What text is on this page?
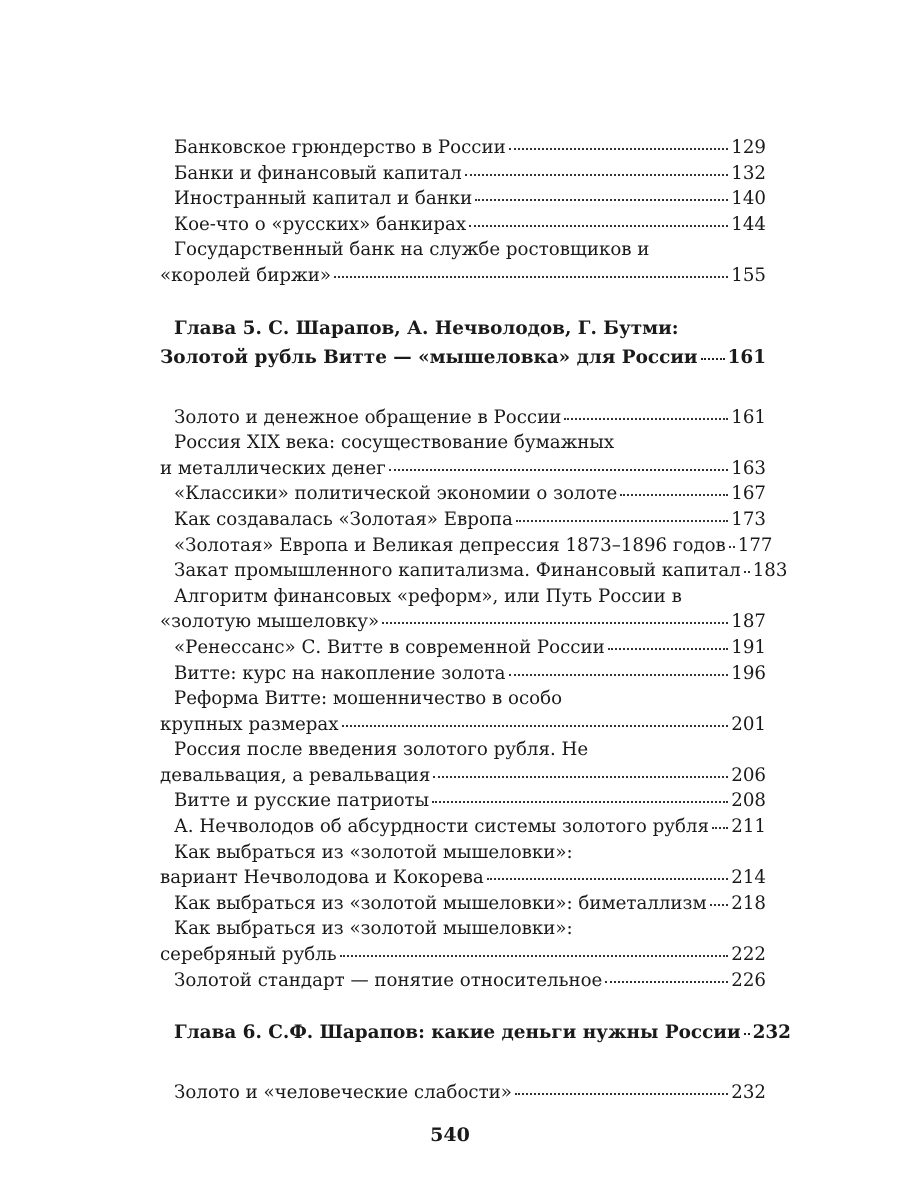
Банковское грюндерство в России	129
Банки и финансовый капитал	132
Иностранный капитал и банки	140
Кое-что о «русских» банкирах	144
Государственный банк на службе ростовщиков и
«королей биржи»	155
Глава 5. С. Шарапов, А. Нечволодов, Г. Бутми:
Золотой рубль Витте — «мышеловка» для России 161
Золото и денежное обращение в России	161
Россия XIX века: сосуществование бумажных
и металлических денег	163
«Классики» политической экономии о золоте	167
Как создавалась «Золотая» Европа	173
«Золотая» Европа и Великая депрессия 1873–1896 годов 177
Закат промышленного капитализма. Финансовый капитал 183
Алгоритм финансовых «реформ», или Путь России в
«золотую мышеловку»	187
«Ренессанс» С. Витте в современной России	191
Витте: курс на накопление золота	196
Реформа Витте: мошенничество в особо
крупных размерах	201
Россия после введения золотого рубля. Не
девальвация, а ревальвация	206
Витте и русские патриоты	208
А. Нечволодов об абсурдности системы золотого рубля 211
Как выбраться из «золотой мышеловки»:
вариант Нечволодова и Кокорева	214
Как выбраться из «золотой мышеловки»: биметаллизм 218
Как выбраться из «золотой мышеловки»:
серебряный рубль	222
Золотой стандарт — понятие относительное	226
Глава 6. С.Ф. Шарапов: какие деньги нужны России 232
Золото и «человеческие слабости»	232
540
